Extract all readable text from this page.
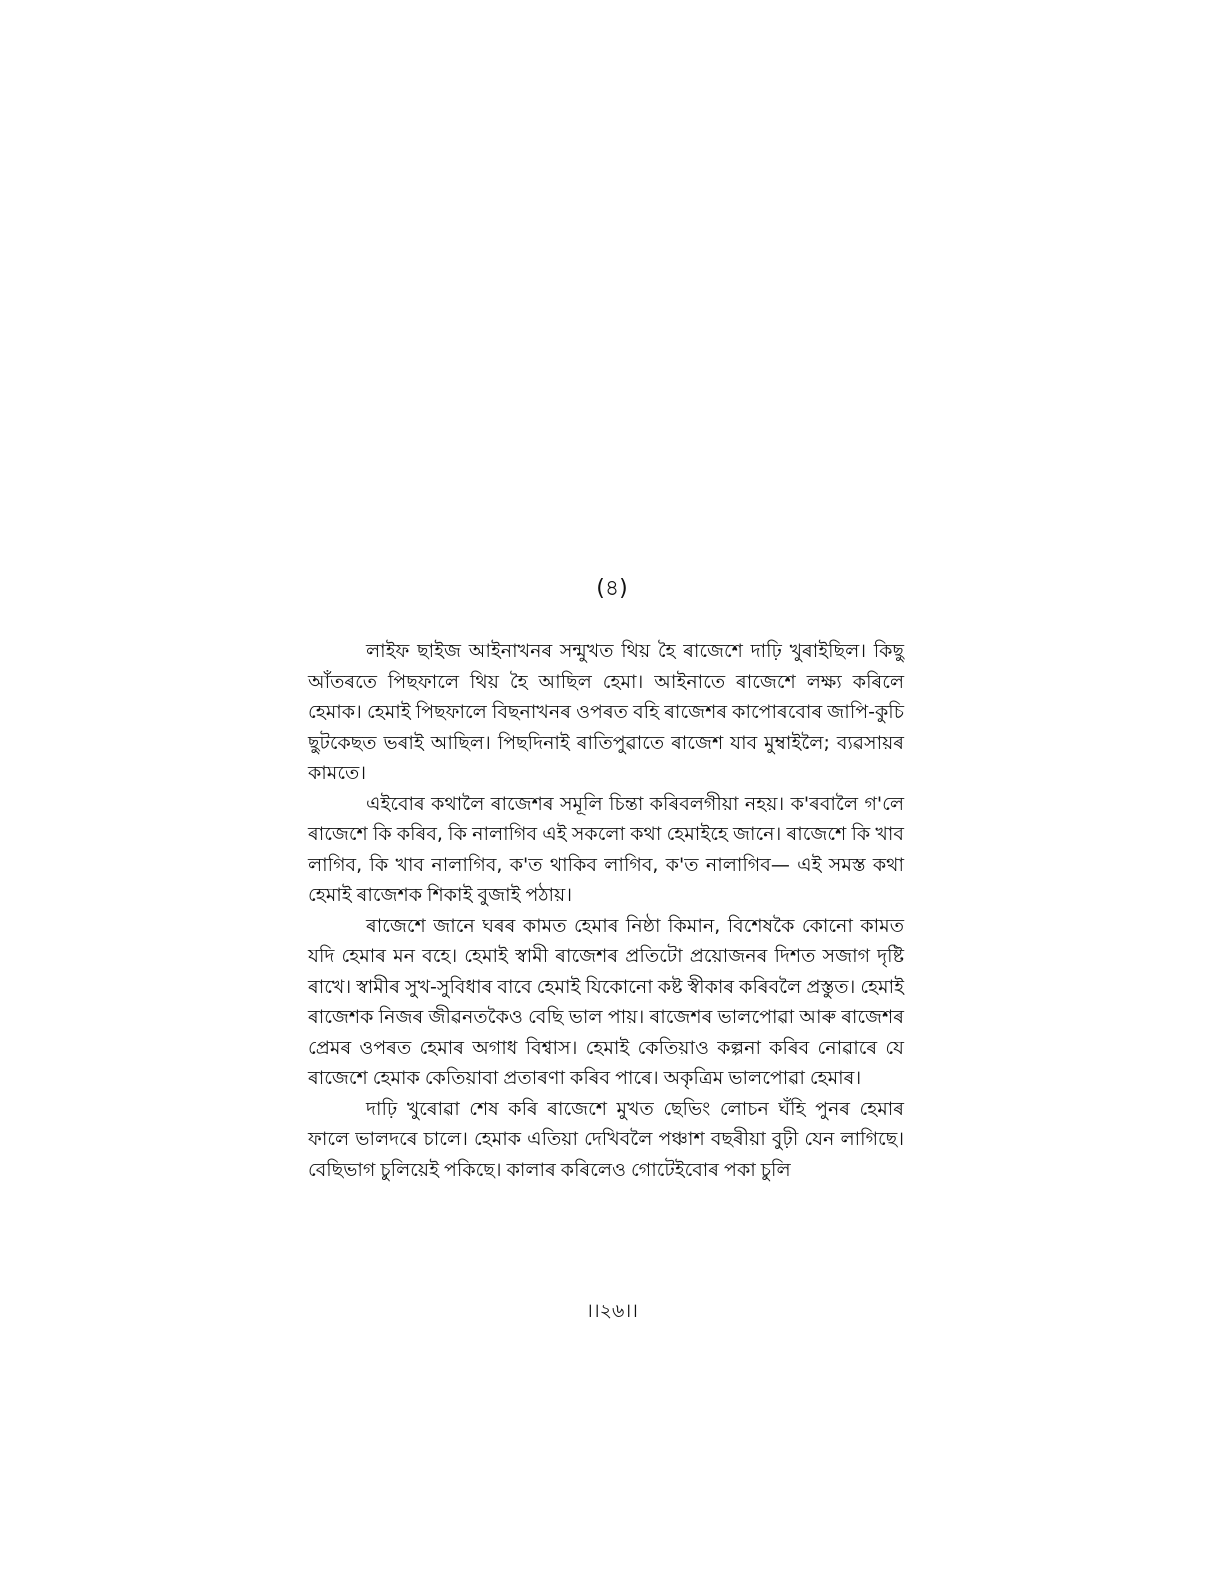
(৪)

লাইফ ছাইজ আইনাখনৰ সন্মুখত থিয় হৈ ৰাজেশে দাঢ়ি খুৰাইছিল। কিছু আঁতৰতে পিছফালে থিয় হৈ আছিল হেমা। আইনাতে ৰাজেশে লক্ষ্য কৰিলে হেমাক। হেমাই পিছফালে বিছনাখনৰ ওপৰত বহি ৰাজেশৰ কাপোৰবোৰ জাপি-কুচি ছুটকেছত ভৰাই আছিল। পিছদিনাই ৰাতিপুৱাতে ৰাজেশ যাব মুম্বাইলৈ; ব্যৱসায়ৰ কামতে।

এইবোৰ কথালৈ ৰাজেশৰ সমূলি চিন্তা কৰিবলগীয়া নহয়। ক'ৰবালৈ গ'লে ৰাজেশে কি কৰিব, কি নালাগিব এই সকলো কথা হেমাইহে জানে। ৰাজেশে কি খাব লাগিব, কি খাব নালাগিব, ক'ত থাকিব লাগিব, ক'ত নালাগিব— এই সমস্ত কথা হেমাই ৰাজেশক শিকাই বুজাই পঠায়।

ৰাজেশে জানে ঘৰৰ কামত হেমাৰ নিষ্ঠা কিমান, বিশেষকৈ কোনো কামত যদি হেমাৰ মন বহে। হেমাই স্বামী ৰাজেশৰ প্ৰতিটো প্ৰয়োজনৰ দিশত সজাগ দৃষ্টি ৰাখে। স্বামীৰ সুখ-সুবিধাৰ বাবে হেমাই যিকোনো কষ্ট স্বীকাৰ কৰিবলৈ প্ৰস্তুত। হেমাই ৰাজেশক নিজৰ জীৱনতকৈও বেছি ভাল পায়। ৰাজেশৰ ভালপোৱা আৰু ৰাজেশৰ প্ৰেমৰ ওপৰত হেমাৰ অগাধ বিশ্বাস। হেমাই কেতিয়াও কল্পনা কৰিব নোৱাৰে যে ৰাজেশে হেমাক কেতিয়াবা প্ৰতাৰণা কৰিব পাৰে। অকৃত্ৰিম ভালপোৱা হেমাৰ।

দাঢ়ি খুৰোৱা শেষ কৰি ৰাজেশে মুখত ছেভিং লোচন ঘঁহি পুনৰ হেমাৰ ফালে ভালদৰে চালে। হেমাক এতিয়া দেখিবলৈ পঞ্চাশ বছৰীয়া বুঢ়ী যেন লাগিছে। বেছিভাগ চুলিয়েই পকিছে। কালাৰ কৰিলেও গোটেইবোৰ পকা চুলি

।।২৬।।
